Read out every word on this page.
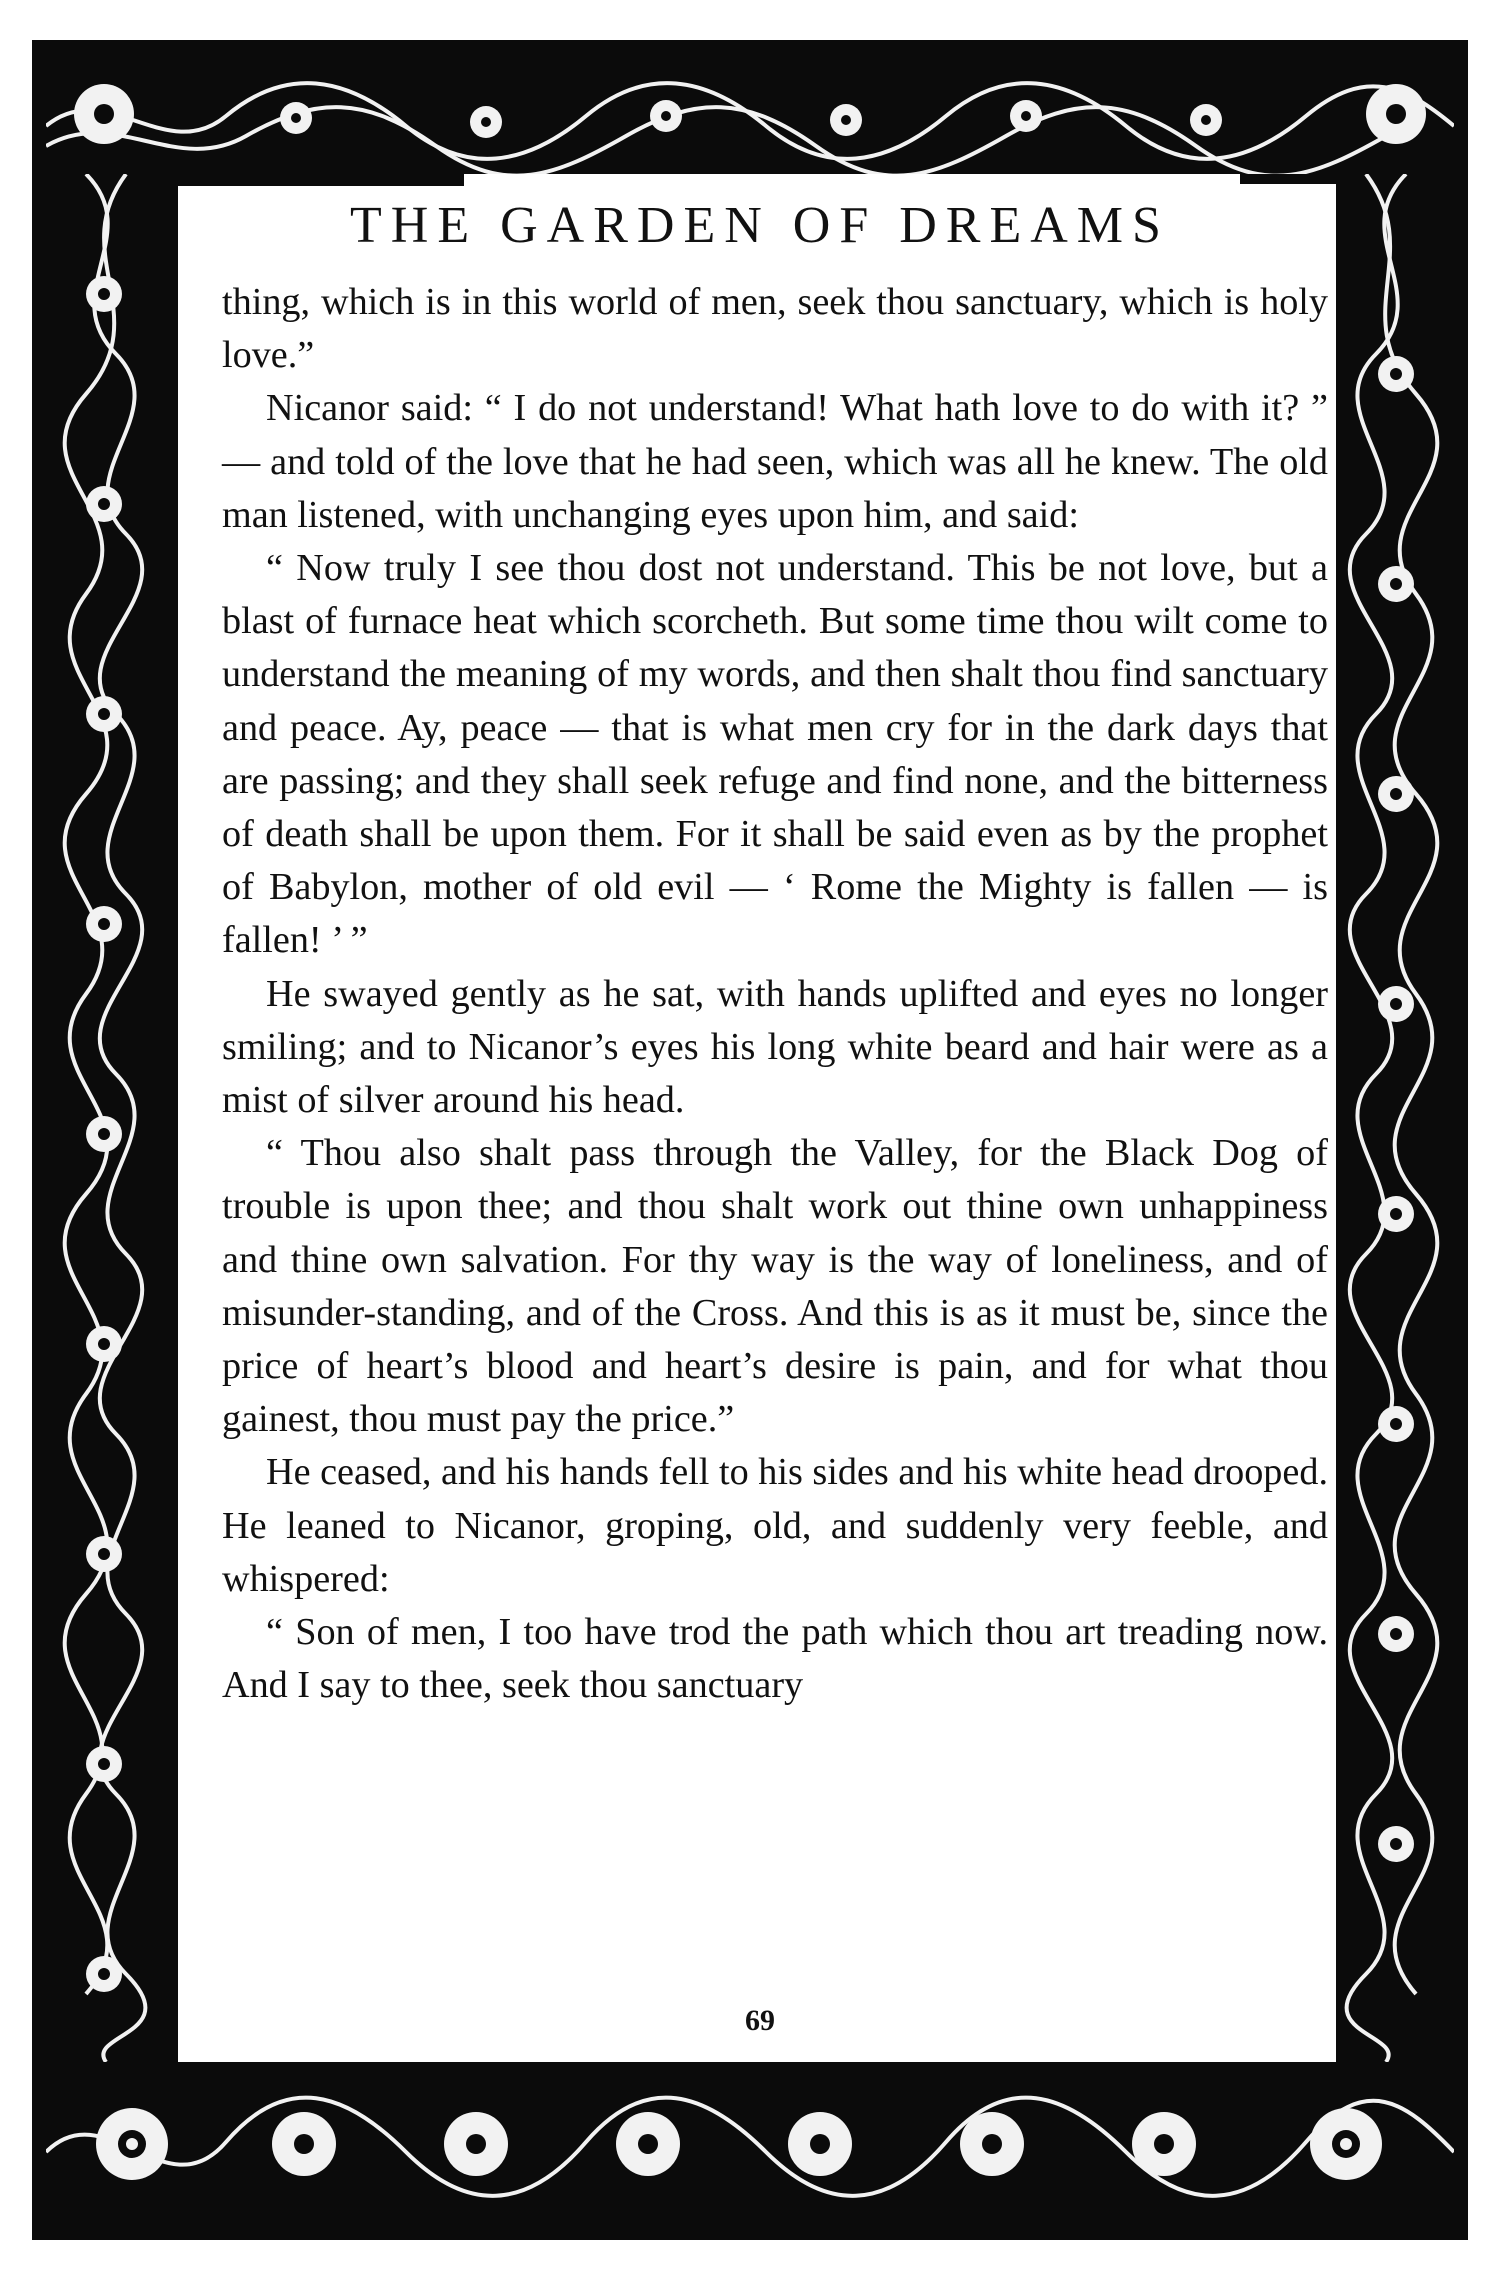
THE GARDEN OF DREAMS

thing, which is in this world of men, seek thou sanctuary, which is holy love.”

Nicanor said: “ I do not understand! What hath love to do with it? ” — and told of the love that he had seen, which was all he knew. The old man listened, with unchanging eyes upon him, and said:

“ Now truly I see thou dost not understand. This be not love, but a blast of furnace heat which scorcheth. But some time thou wilt come to understand the meaning of my words, and then shalt thou find sanctuary and peace. Ay, peace — that is what men cry for in the dark days that are passing; and they shall seek refuge and find none, and the bitterness of death shall be upon them. For it shall be said even as by the prophet of Babylon, mother of old evil — ‘ Rome the Mighty is fallen — is fallen! ’ ”

He swayed gently as he sat, with hands uplifted and eyes no longer smiling; and to Nicanor’s eyes his long white beard and hair were as a mist of silver around his head.

“ Thou also shalt pass through the Valley, for the Black Dog of trouble is upon thee; and thou shalt work out thine own unhappiness and thine own salvation. For thy way is the way of loneliness, and of misunder-standing, and of the Cross. And this is as it must be, since the price of heart’s blood and heart’s desire is pain, and for what thou gainest, thou must pay the price.”

He ceased, and his hands fell to his sides and his white head drooped. He leaned to Nicanor, groping, old, and suddenly very feeble, and whispered:

“ Son of men, I too have trod the path which thou art treading now. And I say to thee, seek thou sanctuary

69
